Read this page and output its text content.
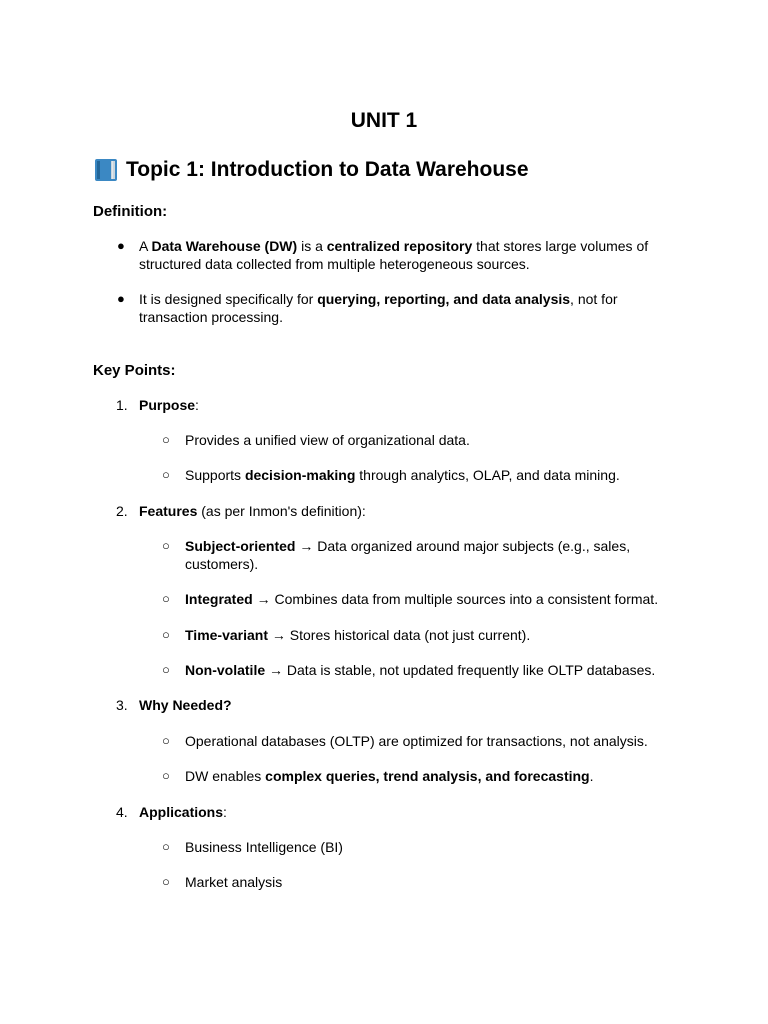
UNIT 1
Topic 1: Introduction to Data Warehouse
Definition:
● A Data Warehouse (DW) is a centralized repository that stores large volumes of structured data collected from multiple heterogeneous sources.
● It is designed specifically for querying, reporting, and data analysis, not for transaction processing.
Key Points:
1. Purpose:
○ Provides a unified view of organizational data.
○ Supports decision-making through analytics, OLAP, and data mining.
2. Features (as per Inmon's definition):
○ Subject-oriented → Data organized around major subjects (e.g., sales, customers).
○ Integrated → Combines data from multiple sources into a consistent format.
○ Time-variant → Stores historical data (not just current).
○ Non-volatile → Data is stable, not updated frequently like OLTP databases.
3. Why Needed?
○ Operational databases (OLTP) are optimized for transactions, not analysis.
○ DW enables complex queries, trend analysis, and forecasting.
4. Applications:
○ Business Intelligence (BI)
○ Market analysis
